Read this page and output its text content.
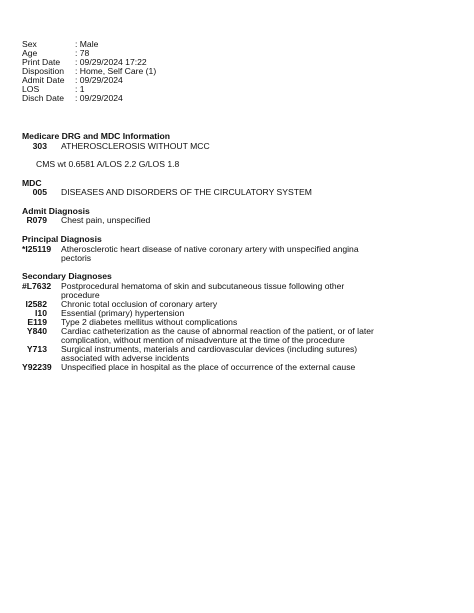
Sex	: Male
Age	: 78
Print Date	: 09/29/2024 17:22
Disposition	: Home, Self Care (1)
Admit Date	: 09/29/2024
LOS	: 1
Disch Date	: 09/29/2024
Medicare DRG and MDC Information
303	ATHEROSCLEROSIS WITHOUT MCC
CMS wt 0.6581 A/LOS 2.2 G/LOS 1.8
MDC
005	DISEASES AND DISORDERS OF THE CIRCULATORY SYSTEM
Admit Diagnosis
R079	Chest pain, unspecified
Principal Diagnosis
*I25119	Atherosclerotic heart disease of native coronary artery with unspecified angina pectoris
Secondary Diagnoses
#L7632	Postprocedural hematoma of skin and subcutaneous tissue following other procedure
I2582	Chronic total occlusion of coronary artery
I10	Essential (primary) hypertension
E119	Type 2 diabetes mellitus without complications
Y840	Cardiac catheterization as the cause of abnormal reaction of the patient, or of later complication, without mention of misadventure at the time of the procedure
Y713	Surgical instruments, materials and cardiovascular devices (including sutures) associated with adverse incidents
Y92239	Unspecified place in hospital as the place of occurrence of the external cause
